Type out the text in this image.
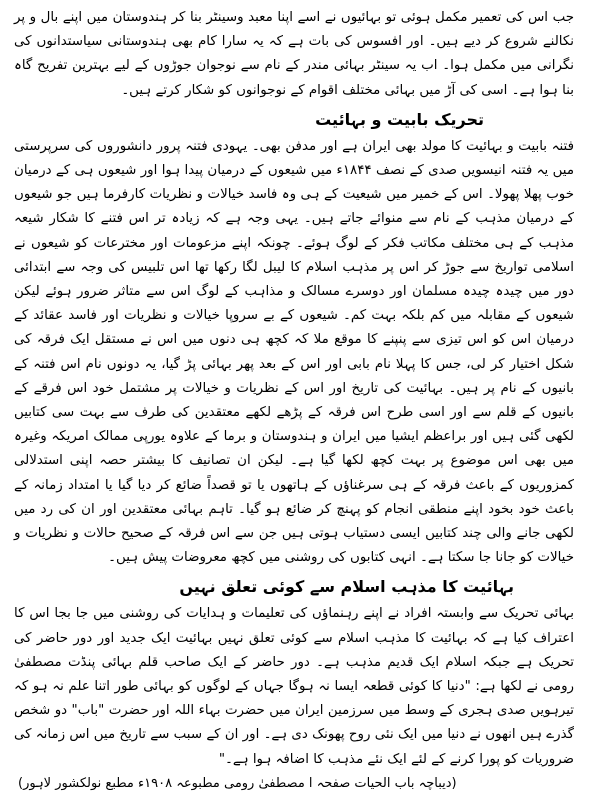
جب اس کی تعمیر مکمل ہوئی تو بہائیوں نے اسے اپنا معبد وسینٹر بنا کر ہندوستان میں اپنے بال و پر نکالنے شروع کر دیے ہیں۔ اور افسوس کی بات ہے کہ یہ سارا کام بھی ہندوستانی سیاستدانوں کی نگرانی میں مکمل ہوا۔ اب یہ سینٹر بہائی مندر کے نام سے نوجوان جوڑوں کے لیے بہترین تفریح گاہ بنا ہوا ہے۔ اسی کی آڑ میں بہائی مختلف اقوام کے نوجوانوں کو شکار کرتے ہیں۔

تحریک بابیت و بہائیت

فتنہ بابیت و بہائیت کا مولد بھی ایران ہے اور مدفن بھی۔ یہودی فتنہ پرور دانشوروں کی سرپرستی میں یہ فتنہ انیسویں صدی کے نصف ۱۸۴۴ء میں شیعوں کے درمیان پیدا ہوا اور شیعوں ہی کے درمیان خوب پھلا پھولا۔ اس کے خمیر میں شیعیت کے ہی وہ فاسد خیالات و نظریات کارفرما ہیں جو شیعوں کے درمیان مذہب کے نام سے منوائے جاتے ہیں۔ یہی وجہ ہے کہ زیادہ تر اس فتنے کا شکار شیعہ مذہب کے ہی مختلف مکاتب فکر کے لوگ ہوئے۔ چونکہ اپنے مزعومات اور مخترعات کو شیعوں نے اسلامی تواریخ سے جوڑ کر اس پر مذہب اسلام کا لیبل لگا رکھا تھا اس تلبیس کی وجہ سے ابتدائی دور میں چیدہ چیدہ مسلمان اور دوسرے مسالک و مذاہب کے لوگ اس سے متاثر ضرور ہوئے لیکن شیعوں کے مقابلہ میں کم بلکہ بہت کم۔ شیعوں کے بے سروپا خیالات و نظریات اور فاسد عقائد کے درمیان اس کو اس تیزی سے پنپنے کا موقع ملا کہ کچھ ہی دنوں میں اس نے مستقل ایک فرقہ کی شکل اختیار کر لی، جس کا پہلا نام بابی اور اس کے بعد پھر بہائی پڑ گیا، یہ دونوں نام اس فتنہ کے بانیوں کے نام پر ہیں۔ بہائیت کی تاریخ اور اس کے نظریات و خیالات پر مشتمل خود اس فرقے کے بانیوں کے قلم سے اور اسی طرح اس فرقہ کے پڑھے لکھے معتقدین کی طرف سے بہت سی کتابیں لکھی گئی ہیں اور براعظم ایشیا میں ایران و ہندوستان و برما کے علاوہ یورپی ممالک امریکہ وغیرہ میں بھی اس موضوع پر بہت کچھ لکھا گیا ہے۔ لیکن ان تصانیف کا بیشتر حصہ اپنی استدلالی کمزوریوں کے باعث فرقہ کے ہی سرغناؤں کے ہاتھوں یا تو قصداً ضائع کر دیا گیا یا امتداد زمانہ کے باعث خود بخود اپنے منطقی انجام کو پہنچ کر ضائع ہو گیا۔ تاہم بہائی معتقدین اور ان کی رد میں لکھی جانے والی چند کتابیں ایسی دستیاب ہوتی ہیں جن سے اس فرقہ کے صحیح حالات و نظریات و خیالات کو جانا جا سکتا ہے۔ انہی کتابوں کی روشنی میں کچھ معروضات پیش ہیں۔

بہائیت کا مذہب اسلام سے کوئی تعلق نہیں

بہائی تحریک سے وابستہ افراد نے اپنے رہنماؤں کی تعلیمات و ہدایات کی روشنی میں جا بجا اس کا اعتراف کیا ہے کہ بہائیت کا مذہب اسلام سے کوئی تعلق نہیں بہائیت ایک جدید اور دور حاضر کی تحریک ہے جبکہ اسلام ایک قدیم مذہب ہے۔ دور حاضر کے ایک صاحب قلم بہائی پنڈت مصطفیٰ رومی نے لکھا ہے: "دنیا کا کوئی قطعہ ایسا نہ ہوگا جہاں کے لوگوں کو بہائی طور اتنا علم نہ ہو کہ تیرہویں صدی ہجری کے وسط میں سرزمین ایران میں حضرت بہاء اللہ اور حضرت "باب" دو شخص گذرے ہیں انھوں نے دنیا میں ایک نئی روح پھونک دی ہے۔ اور ان کے سبب سے تاریخ میں اس زمانہ کی ضروریات کو پورا کرنے کے لئے ایک نئے مذہب کا اضافہ ہوا ہے۔"

(دیباچہ باب الحیات صفحہ ا مصطفیٰ رومی مطبوعہ ۱۹۰۸ء مطبع نولکشور لاہور)
